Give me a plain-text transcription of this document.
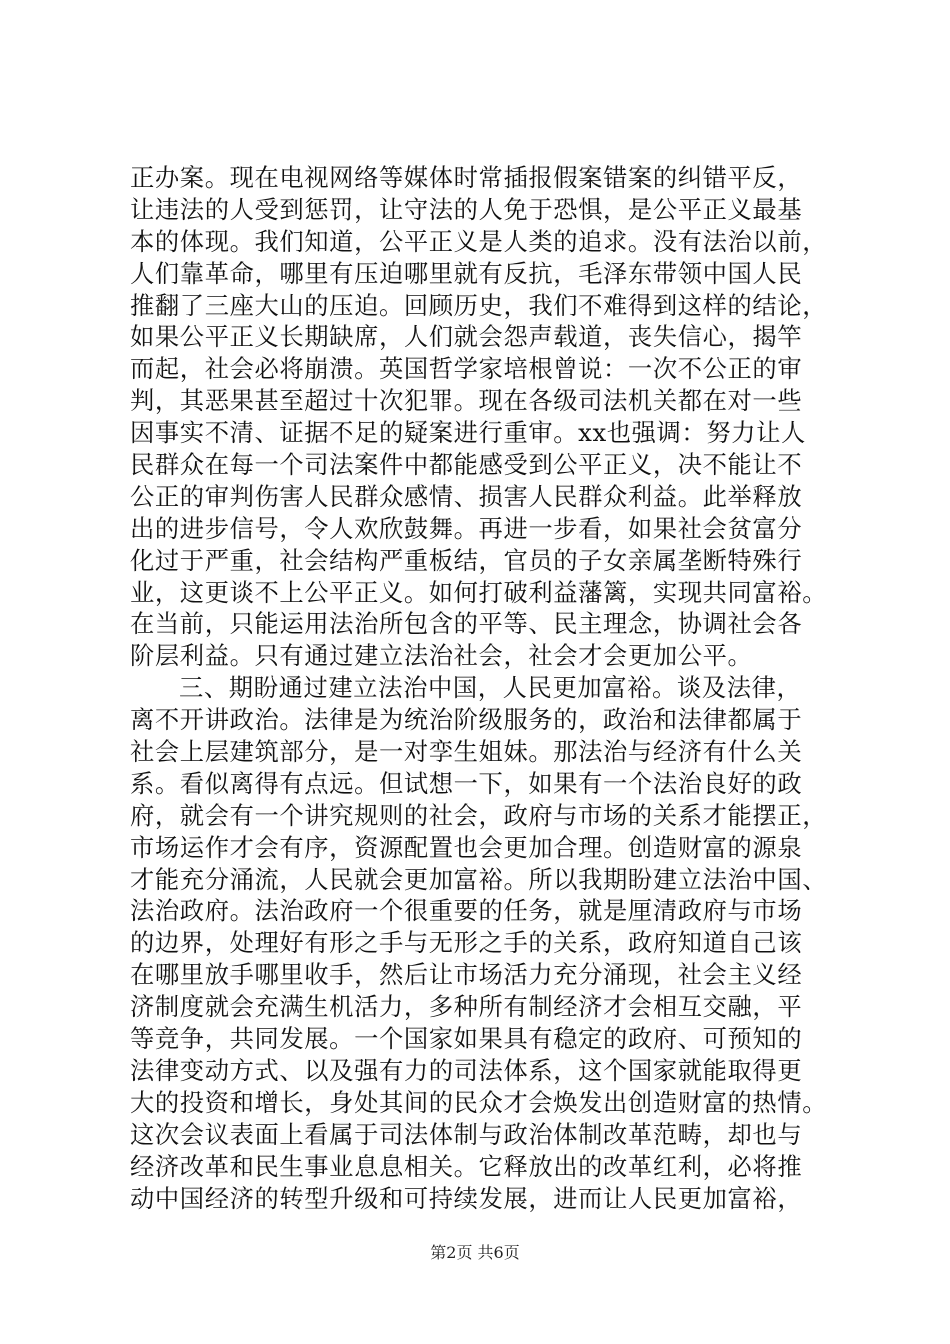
正办案。现在电视网络等媒体时常插报假案错案的纠错平反，
让违法的人受到惩罚，让守法的人免于恐惧，是公平正义最基
本的体现。我们知道，公平正义是人类的追求。没有法治以前，
人们靠革命，哪里有压迫哪里就有反抗，毛泽东带领中国人民
推翻了三座大山的压迫。回顾历史，我们不难得到这样的结论，
如果公平正义长期缺席，人们就会怨声载道，丧失信心，揭竿
而起，社会必将崩溃。英国哲学家培根曾说：一次不公正的审
判，其恶果甚至超过十次犯罪。现在各级司法机关都在对一些
因事实不清、证据不足的疑案进行重审。xx也强调：努力让人
民群众在每一个司法案件中都能感受到公平正义，决不能让不
公正的审判伤害人民群众感情、损害人民群众利益。此举释放
出的进步信号，令人欢欣鼓舞。再进一步看，如果社会贫富分
化过于严重，社会结构严重板结，官员的子女亲属垄断特殊行
业，这更谈不上公平正义。如何打破利益藩篱，实现共同富裕。
在当前，只能运用法治所包含的平等、民主理念，协调社会各
阶层利益。只有通过建立法治社会，社会才会更加公平。
三、期盼通过建立法治中国，人民更加富裕。谈及法律，
离不开讲政治。法律是为统治阶级服务的，政治和法律都属于
社会上层建筑部分，是一对孪生姐妹。那法治与经济有什么关
系。看似离得有点远。但试想一下，如果有一个法治良好的政
府，就会有一个讲究规则的社会，政府与市场的关系才能摆正，
市场运作才会有序，资源配置也会更加合理。创造财富的源泉
才能充分涌流，人民就会更加富裕。所以我期盼建立法治中国、
法治政府。法治政府一个很重要的任务，就是厘清政府与市场
的边界，处理好有形之手与无形之手的关系，政府知道自己该
在哪里放手哪里收手，然后让市场活力充分涌现，社会主义经
济制度就会充满生机活力，多种所有制经济才会相互交融，平
等竞争，共同发展。一个国家如果具有稳定的政府、可预知的
法律变动方式、以及强有力的司法体系，这个国家就能取得更
大的投资和增长，身处其间的民众才会焕发出创造财富的热情。
这次会议表面上看属于司法体制与政治体制改革范畴，却也与
经济改革和民生事业息息相关。它释放出的改革红利，必将推
动中国经济的转型升级和可持续发展，进而让人民更加富裕，
第2页 共6页
